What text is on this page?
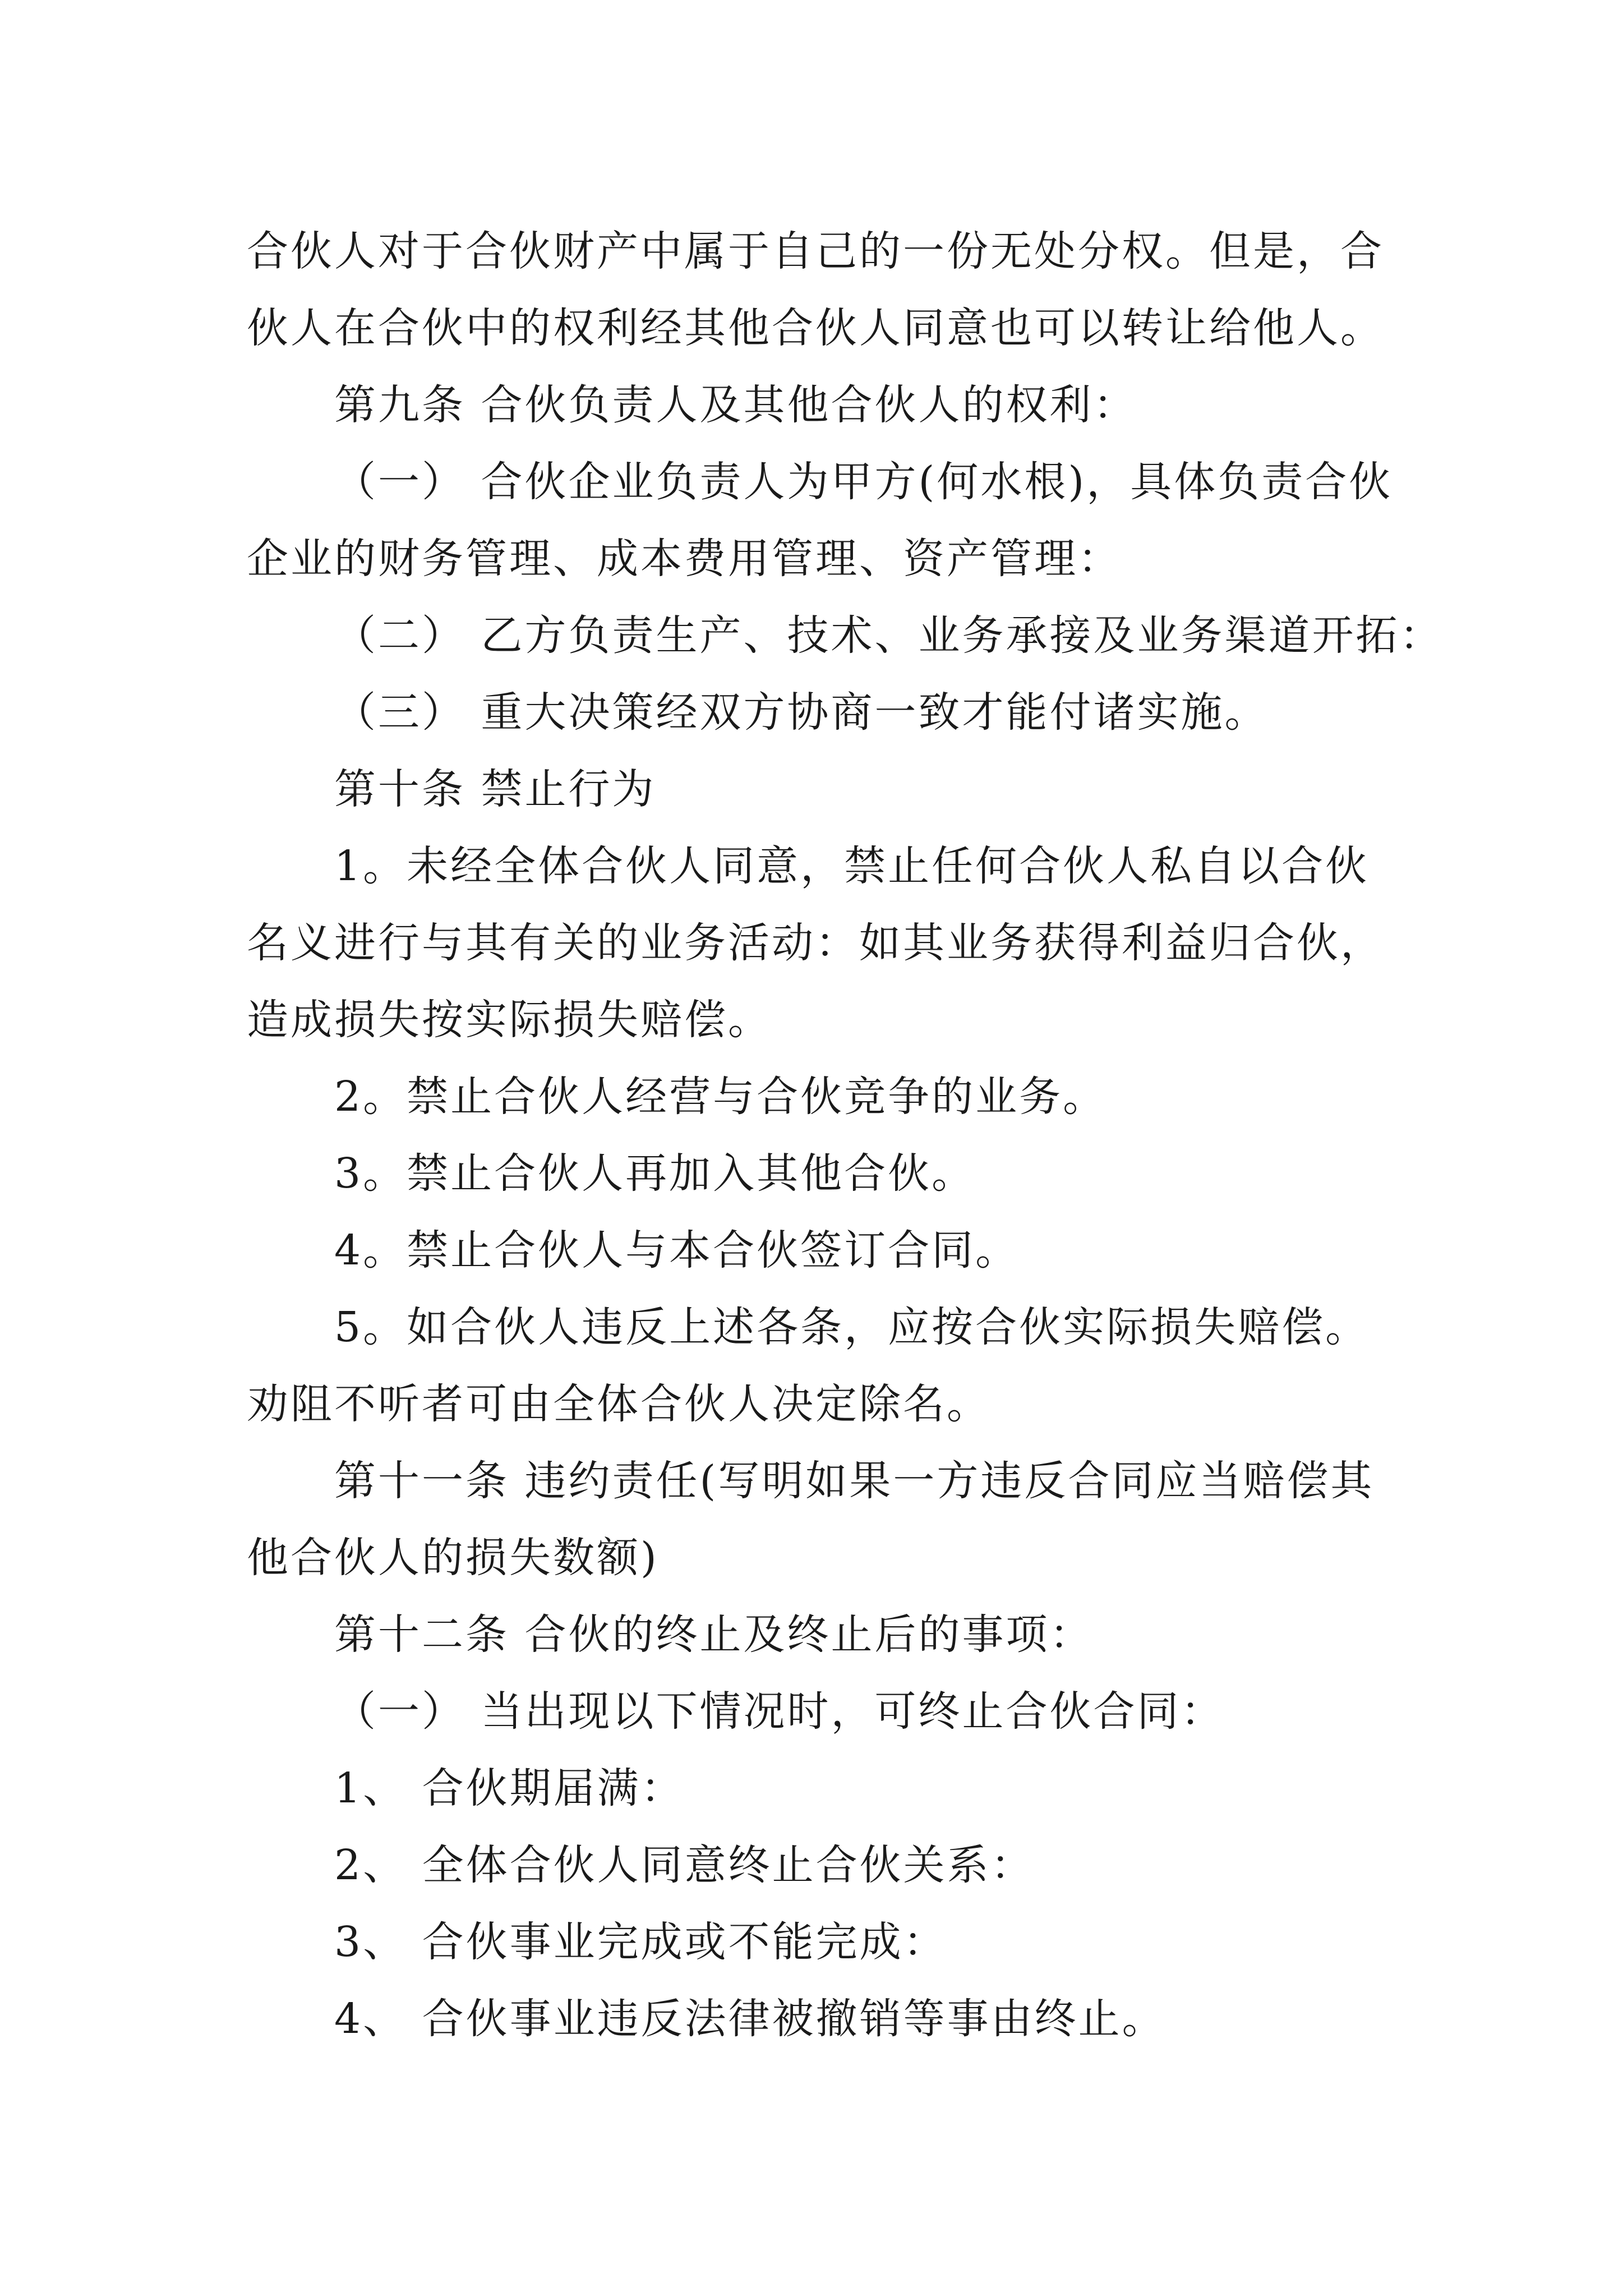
合伙人对于合伙财产中属于自己的一份无处分权。但是，合
伙人在合伙中的权利经其他合伙人同意也可以转让给他人。
第九条 合伙负责人及其他合伙人的权利：
（一） 合伙企业负责人为甲方(何水根)，具体负责合伙
企业的财务管理、成本费用管理、资产管理：
（二） 乙方负责生产、技术、业务承接及业务渠道开拓：
（三） 重大决策经双方协商一致才能付诸实施。
第十条 禁止行为
1。未经全体合伙人同意，禁止任何合伙人私自以合伙
名义进行与其有关的业务活动：如其业务获得利益归合伙，
造成损失按实际损失赔偿。
2。禁止合伙人经营与合伙竞争的业务。
3。禁止合伙人再加入其他合伙。
4。禁止合伙人与本合伙签订合同。
5。如合伙人违反上述各条，应按合伙实际损失赔偿。
劝阻不听者可由全体合伙人决定除名。
第十一条 违约责任(写明如果一方违反合同应当赔偿其
他合伙人的损失数额)
第十二条 合伙的终止及终止后的事项：
（一） 当出现以下情况时，可终止合伙合同：
1、 合伙期届满：
2、 全体合伙人同意终止合伙关系：
3、 合伙事业完成或不能完成：
4、 合伙事业违反法律被撤销等事由终止。
